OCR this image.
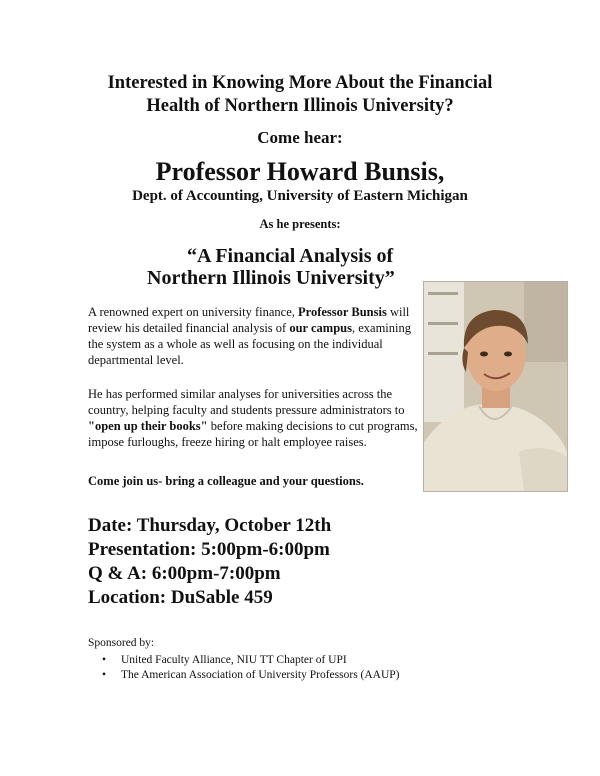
Interested in Knowing More About the Financial
Health of Northern Illinois University?
Come hear:
Professor Howard Bunsis,
Dept. of Accounting, University of Eastern Michigan
As he presents:
“A Financial Analysis of
Northern Illinois University”
A renowned expert on university finance, Professor Bunsis will review his detailed financial analysis of our campus, examining the system as a whole as well as focusing on the individual departmental level.
He has performed similar analyses for universities across the country, helping faculty and students pressure administrators to "open up their books" before making decisions to cut programs, impose furloughs, freeze hiring or halt employee raises.
Come join us- bring a colleague and your questions.
Date: Thursday, October 12th
Presentation: 5:00pm-6:00pm
Q & A: 6:00pm-7:00pm
Location: DuSable 459
Sponsored by:
• United Faculty Alliance, NIU TT Chapter of UPI
• The American Association of University Professors (AAUP)
